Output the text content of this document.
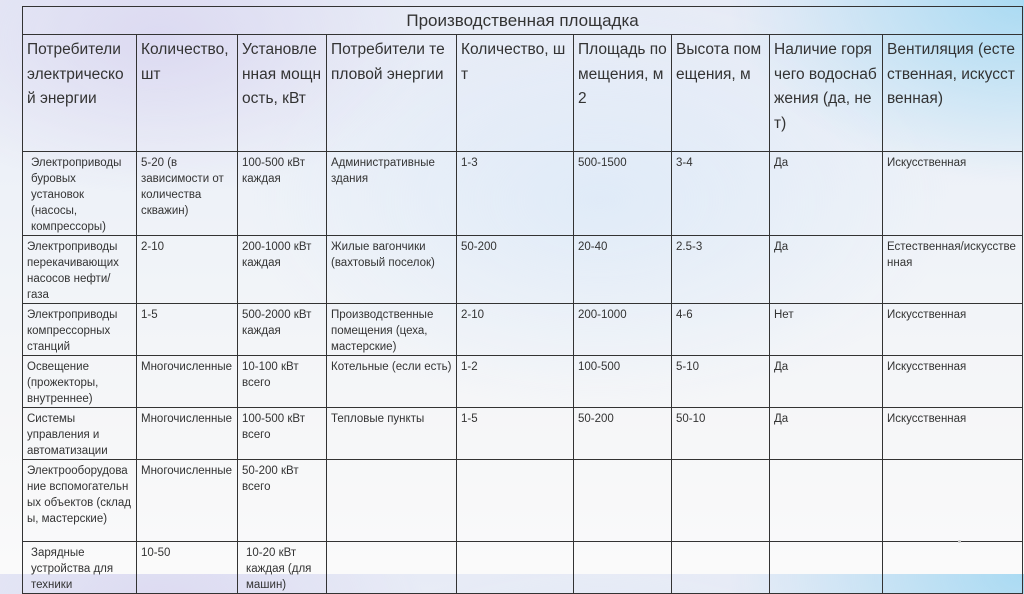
Производственная площадка								
Потребители электрической энергии	Количество, шт	Установленная мощность, кВт	Потребители тепловой энергии	Количество, шт	Площадь помещения, м2	Высота помещения, м	Наличие горячего водоснабжения (да, нет)	Вентиляция (естественная, искусственная)
Электроприводы буровых установок (насосы, компрессоры)	5-20 (в зависимости от количества скважин)	100-500 кВт каждая	Административные здания	1-3	500-1500	3-4	Да	Искусственная
Электроприводы перекачивающих насосов нефти/газа	2-10	200-1000 кВт каждая	Жилые вагончики (вахтовый поселок)	50-200	20-40	2.5-3	Да	Естественная/искусственная
Электроприводы компрессорных станций	1-5	500-2000 кВт каждая	Производственные помещения (цеха, мастерские)	2-10	200-1000	4-6	Нет	Искусственная
Освещение (прожекторы, внутреннее)	Многочисленные	10-100 кВт всего	Котельные (если есть)	1-2	100-500	5-10	Да	Искусственная
Системы управления и автоматизации	Многочисленные	100-500 кВт всего	Тепловые пункты	1-5	50-200	50-10	Да	Искусственная
Электрооборудование вспомогательных объектов (склады, мастерские)	Многочисленные	50-200 кВт всего						
Зарядные устройства для техники	10-50	10-20 кВт каждая (для машин)						
